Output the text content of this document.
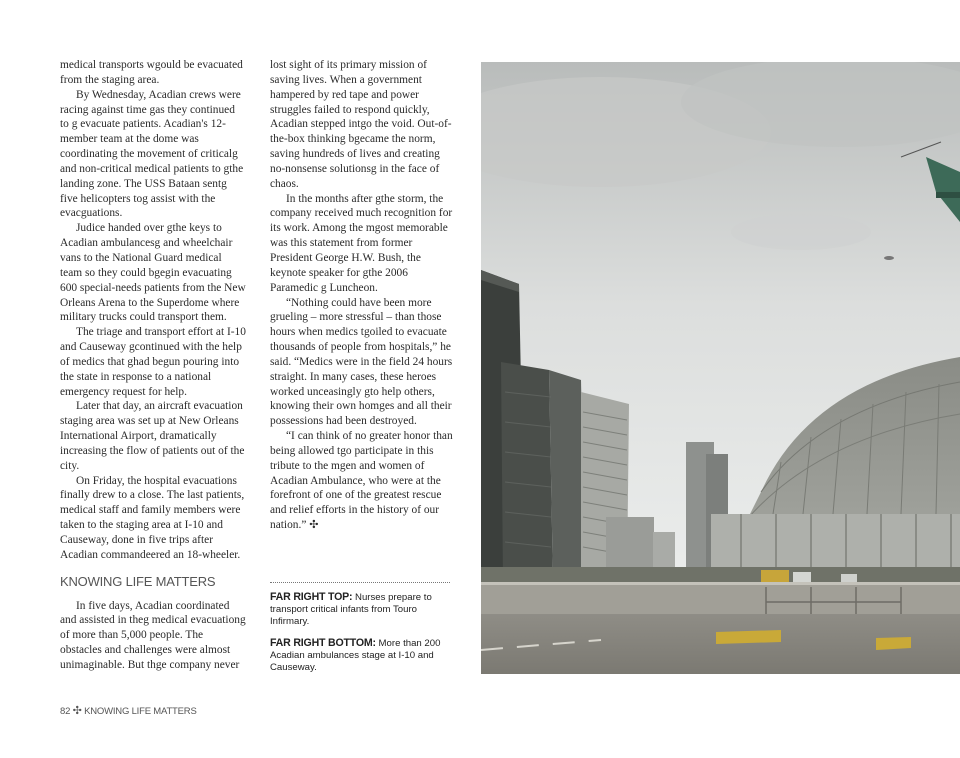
medical transports wgould be evacuated from the staging area.

By Wednesday, Acadian crews were racing against time gas they continued to g evacuate patients. Acadian's 12-member team at the dome was coordinating the movement of criticalg and non-critical medical patients to gthe landing zone. The USS Bataan sentg five helicopters tog assist with the evacguations.

Judice handed over gthe keys to Acadian ambulancesg and wheelchair vans to the National Guard medical team so they could bgegin evacuating 600 special-needs patients from the New Orleans Arena to the Superdome where military trucks could transport them.

The triage and transport effort at I-10 and Causeway gcontinued with the help of medics that ghad begun pouring into the state in response to a national emergency request for help.

Later that day, an aircraft evacuation staging area was set up at New Orleans International Airport, dramatically increasing the flow of patients out of the city.

On Friday, the hospital evacuations finally drew to a close. The last patients, medical staff and family members were taken to the staging area at I-10 and Causeway, done in five trips after Acadian commandeered an 18-wheeler.

KNOWING LIFE MATTERS

In five days, Acadian coordinated and assisted in theg medical evacuationg of more than 5,000 people. The obstacles and challenges were almost unimaginable. But thge company never

lost sight of its primary mission of saving lives. When a government hampered by red tape and power struggles failed to respond quickly, Acadian stepped intgo the void. Out-of-the-box thinking bgecame the norm, saving hundreds of lives and creating no-nonsense solutionsg in the face of chaos.

In the months after gthe storm, the company received much recognition for its work. Among the mgost memorable was this statement from former President George H.W. Bush, the keynote speaker for gthe 2006 Paramedic g Luncheon.

“Nothing could have been more grueling – more stressful – than those hours when medics tgoiled to evacuate thousands of people from hospitals,” he said. “Medics were in the field 24 hours straight. In many cases, these heroes worked unceasingly gto help others, knowing their own homges and all their possessions had been destroyed.

“I can think of no greater honor than being allowed tgo participate in this tribute to the mgen and women of Acadian Ambulance, who were at the forefront of one of the greatest rescue and relief efforts in the history of our nation.” ✣

FAR RIGHT TOP: Nurses prepare to transport critical infants from Touro Infirmary.
FAR RIGHT BOTTOM: More than 200 Acadian ambulances stage at I-10 and Causeway.
82 ✣ KNOWING LIFE MATTERS
